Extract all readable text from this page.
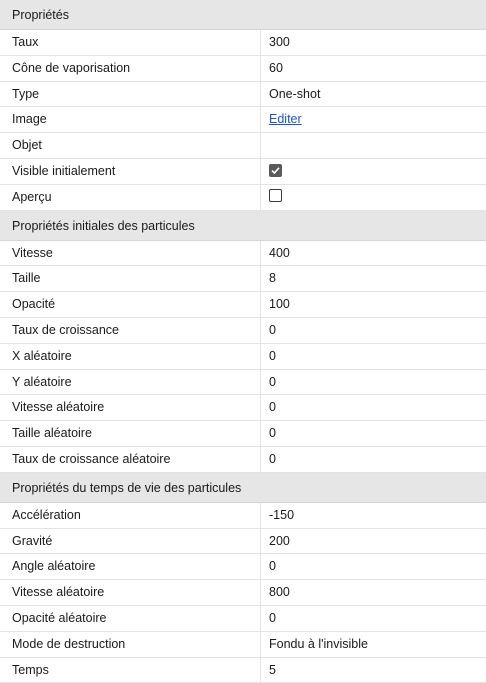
Propriétés
Taux	300
Cône de vaporisation	60
Type	One-shot
Image	Editer
Objet
Visible initialement
Aperçu
Propriétés initiales des particules
Vitesse	400
Taille	8
Opacité	100
Taux de croissance	0
X aléatoire	0
Y aléatoire	0
Vitesse aléatoire	0
Taille aléatoire	0
Taux de croissance aléatoire	0
Propriétés du temps de vie des particules
Accélération	-150
Gravité	200
Angle aléatoire	0
Vitesse aléatoire	800
Opacité aléatoire	0
Mode de destruction	Fondu à l'invisible
Temps	5
